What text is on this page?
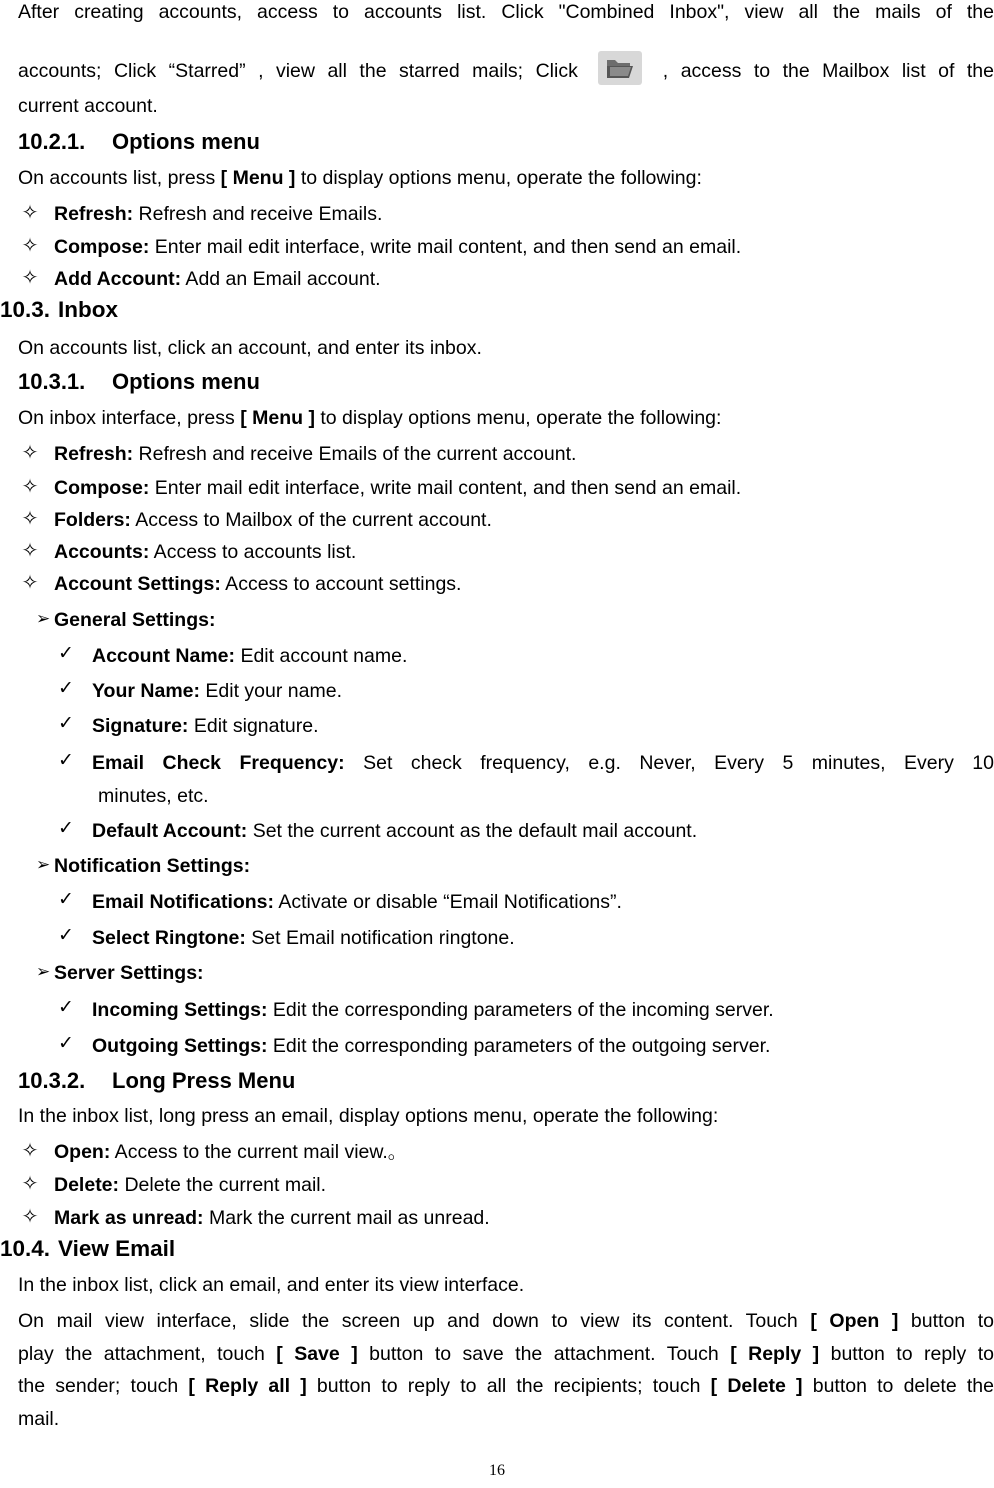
After creating accounts, access to accounts list. Click "Combined Inbox", view all the mails of the
accounts; Click “Starred” , view all the starred mails; Click	, access to the Mailbox list of the
current account.
10.2.1. Options menu
On accounts list, press [ Menu ] to display options menu, operate the following:
✧ Refresh: Refresh and receive Emails.
✧ Compose: Enter mail edit interface, write mail content, and then send an email.
✧ Add Account: Add an Email account.
10.3. Inbox
On accounts list, click an account, and enter its inbox.
10.3.1. Options menu
On inbox interface, press [ Menu ] to display options menu, operate the following:
✧ Refresh: Refresh and receive Emails of the current account.
✧ Compose: Enter mail edit interface, write mail content, and then send an email.
✧ Folders: Access to Mailbox of the current account.
✧ Accounts: Access to accounts list.
✧ Account Settings: Access to account settings.
➢ General Settings:
✓ Account Name: Edit account name.
✓ Your Name: Edit your name.
✓ Signature: Edit signature.
✓ Email  Check  Frequency:  Set  check  frequency,  e.g.  Never,  Every  5  minutes,  Every  10
minutes, etc.
✓ Default Account: Set the current account as the default mail account.
➢ Notification Settings:
✓ Email Notifications: Activate or disable “Email Notifications”.
✓ Select Ringtone: Set Email notification ringtone.
➢ Server Settings:
✓ Incoming Settings: Edit the corresponding parameters of the incoming server.
✓ Outgoing Settings: Edit the corresponding parameters of the outgoing server.
10.3.2. Long Press Menu
In the inbox list, long press an email, display options menu, operate the following:
✧ Open: Access to the current mail view.。
✧ Delete: Delete the current mail.
✧ Mark as unread: Mark the current mail as unread.
10.4. View Email
In the inbox list, click an email, and enter its view interface.
On mail view interface, slide the screen up and down to view its content. Touch [ Open ] button to
play the attachment, touch [ Save ] button to save the attachment. Touch [ Reply ] button to reply to
the sender; touch [ Reply all ] button to reply to all the recipients; touch [ Delete ] button to delete the
mail.
16
